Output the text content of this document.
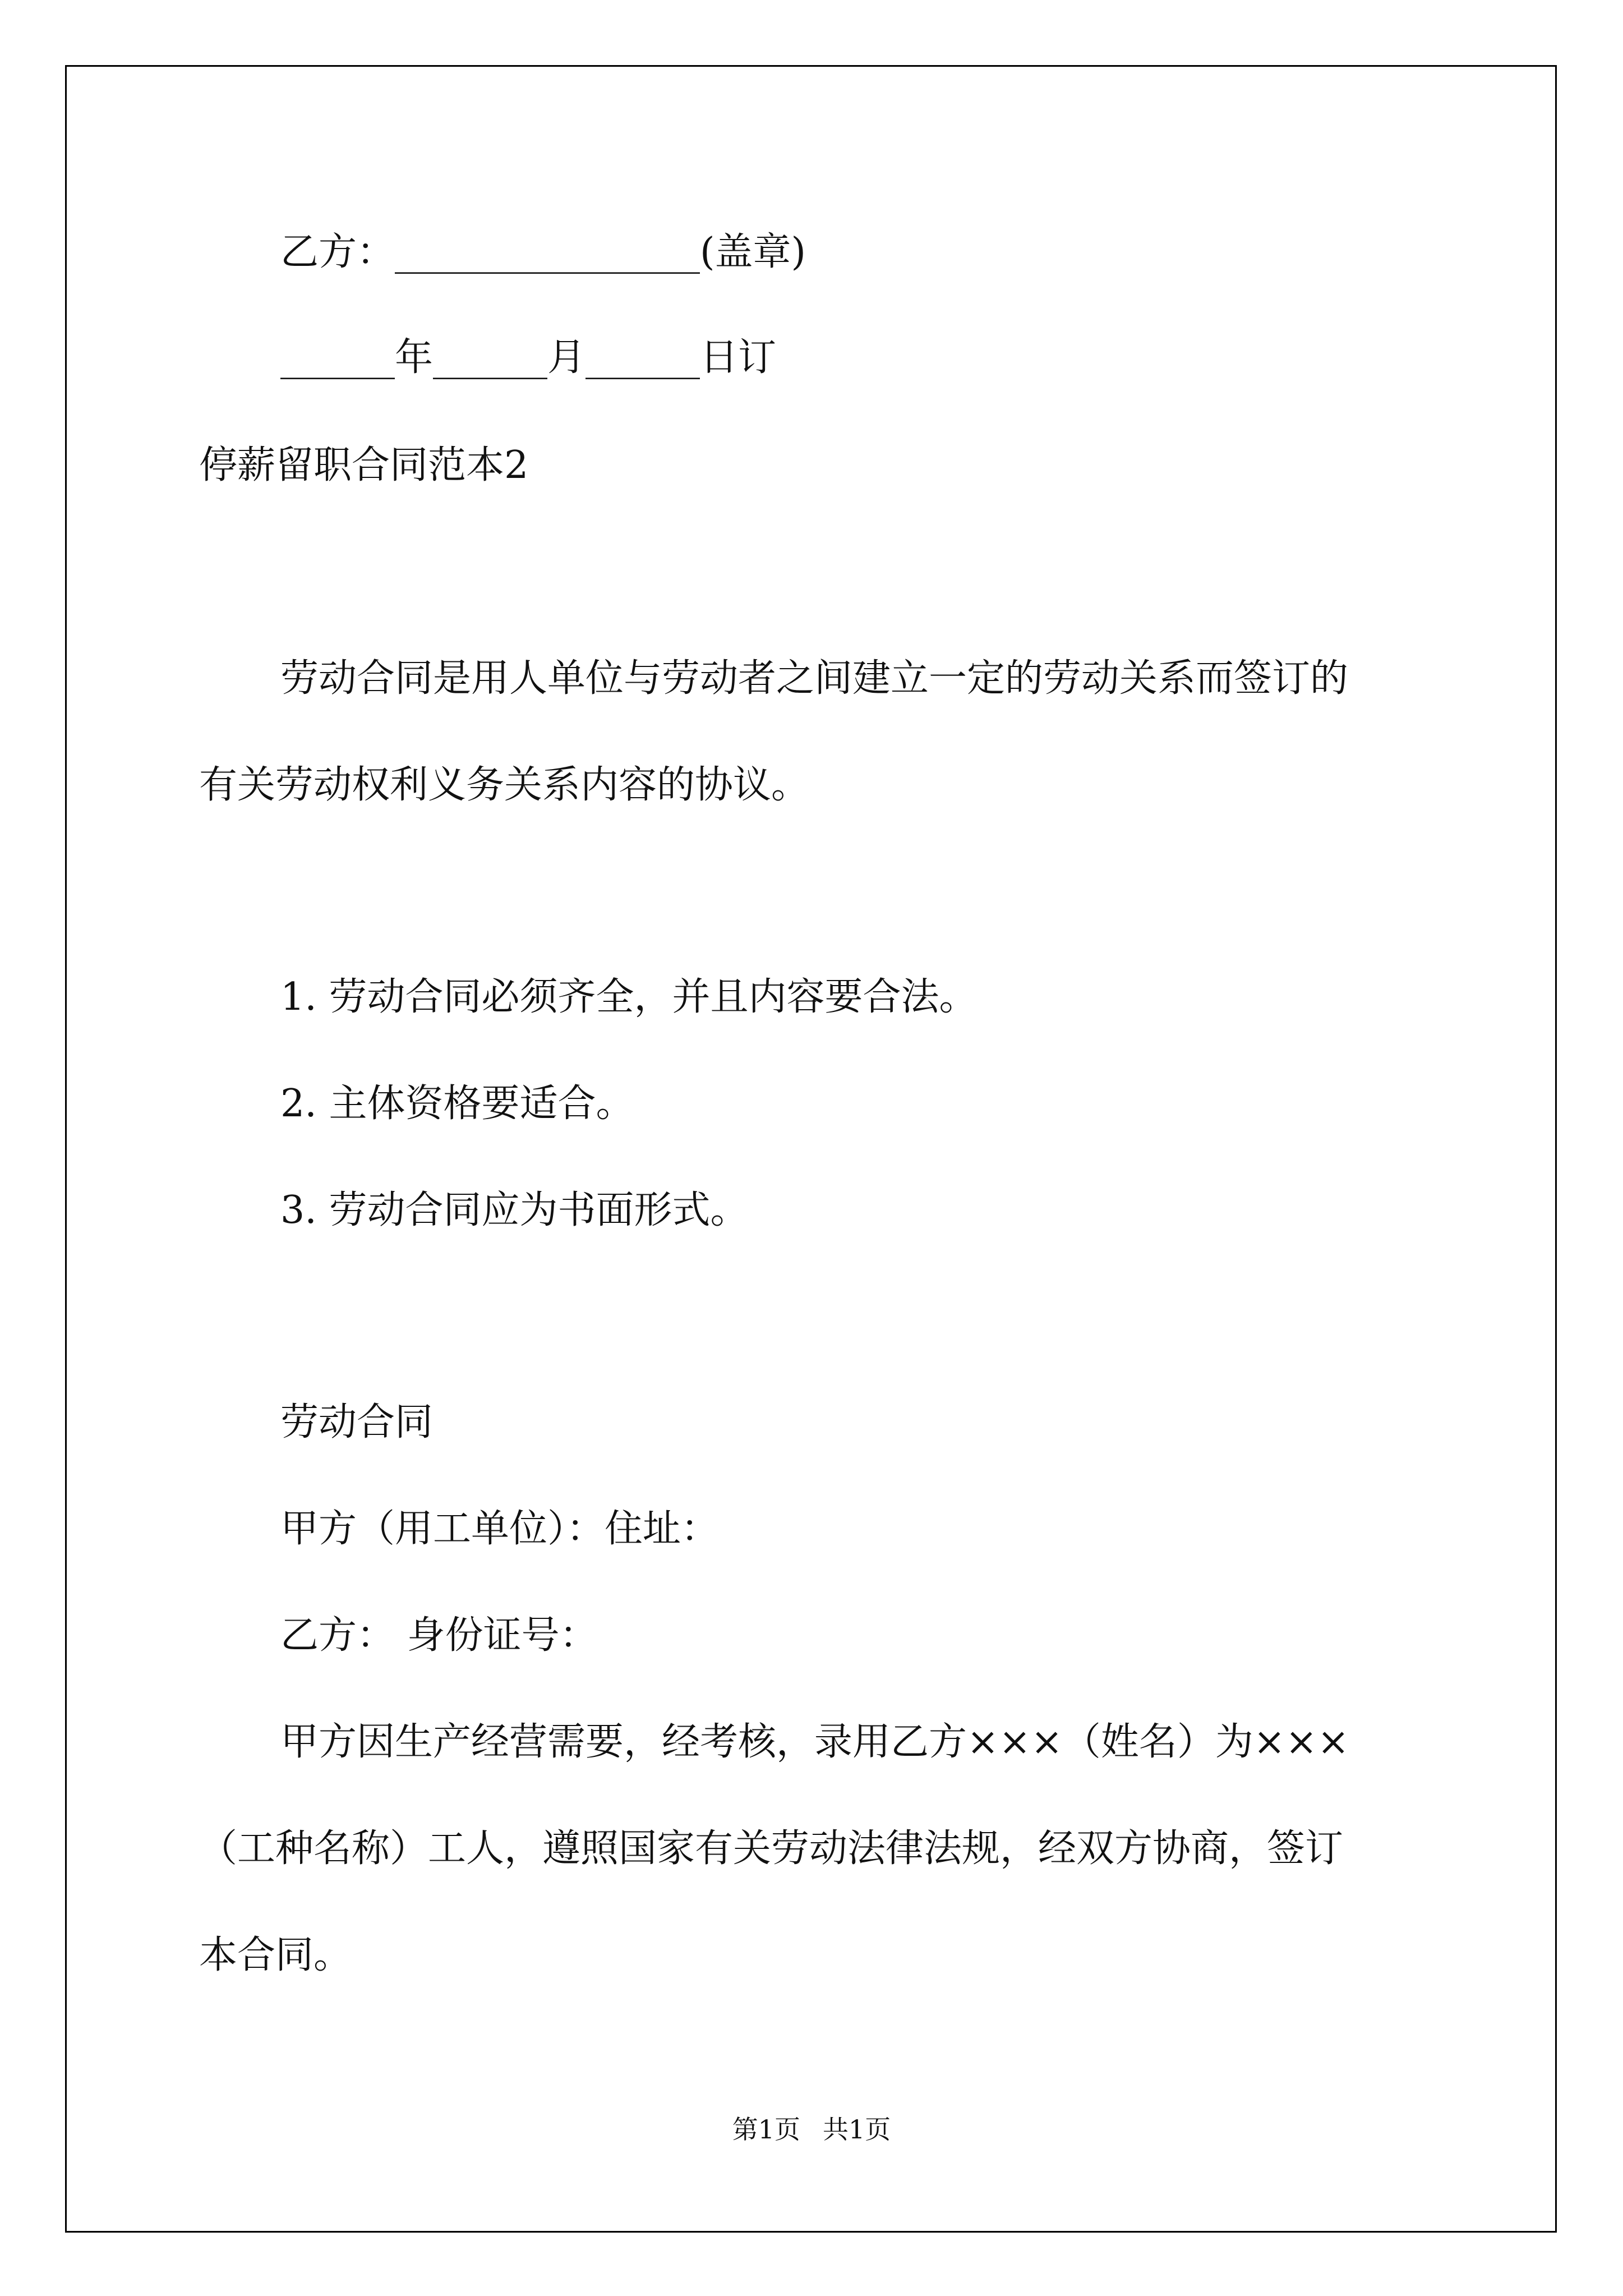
乙方：________________(盖章)
______年______月______日订
停薪留职合同范本2
劳动合同是用人单位与劳动者之间建立一定的劳动关系而签订的
有关劳动权利义务关系内容的协议。
1. 劳动合同必须齐全，并且内容要合法。
2. 主体资格要适合。
3. 劳动合同应为书面形式。
劳动合同
甲方（用工单位）：住址：
乙方： 身份证号：
甲方因生产经营需要，经考核，录用乙方×××（姓名）为×××
（工种名称）工人，遵照国家有关劳动法律法规，经双方协商，签订
本合同。
第1页 共1页
